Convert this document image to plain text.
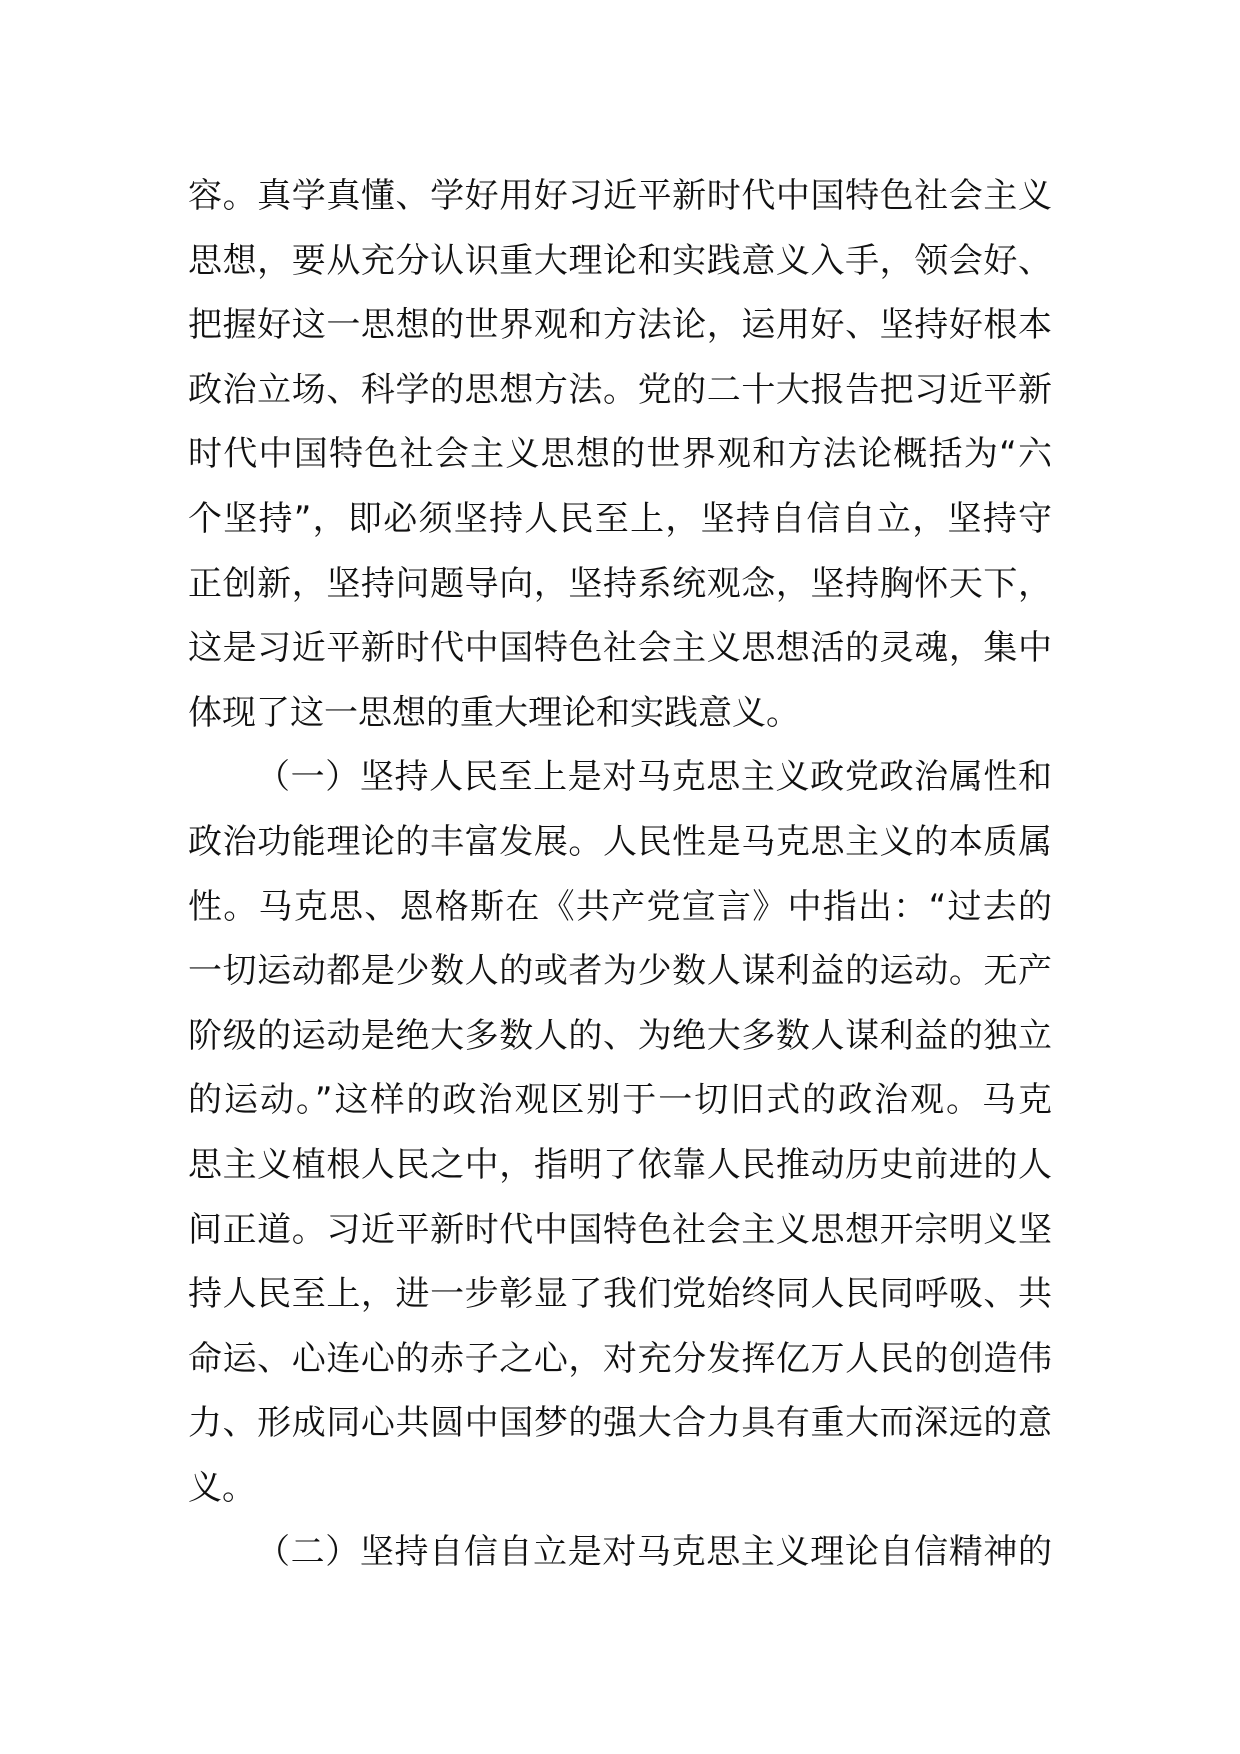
容。真学真懂、学好用好习近平新时代中国特色社会主义
思想，要从充分认识重大理论和实践意义入手，领会好、
把握好这一思想的世界观和方法论，运用好、坚持好根本
政治立场、科学的思想方法。党的二十大报告把习近平新
时代中国特色社会主义思想的世界观和方法论概括为“六
个坚持”，即必须坚持人民至上，坚持自信自立，坚持守
正创新，坚持问题导向，坚持系统观念，坚持胸怀天下，
这是习近平新时代中国特色社会主义思想活的灵魂，集中
体现了这一思想的重大理论和实践意义。
（一）坚持人民至上是对马克思主义政党政治属性和
政治功能理论的丰富发展。人民性是马克思主义的本质属
性。马克思、恩格斯在《共产党宣言》中指出：“过去的
一切运动都是少数人的或者为少数人谋利益的运动。无产
阶级的运动是绝大多数人的、为绝大多数人谋利益的独立
的运动。”这样的政治观区别于一切旧式的政治观。马克
思主义植根人民之中，指明了依靠人民推动历史前进的人
间正道。习近平新时代中国特色社会主义思想开宗明义坚
持人民至上，进一步彰显了我们党始终同人民同呼吸、共
命运、心连心的赤子之心，对充分发挥亿万人民的创造伟
力、形成同心共圆中国梦的强大合力具有重大而深远的意
义。
（二）坚持自信自立是对马克思主义理论自信精神的
